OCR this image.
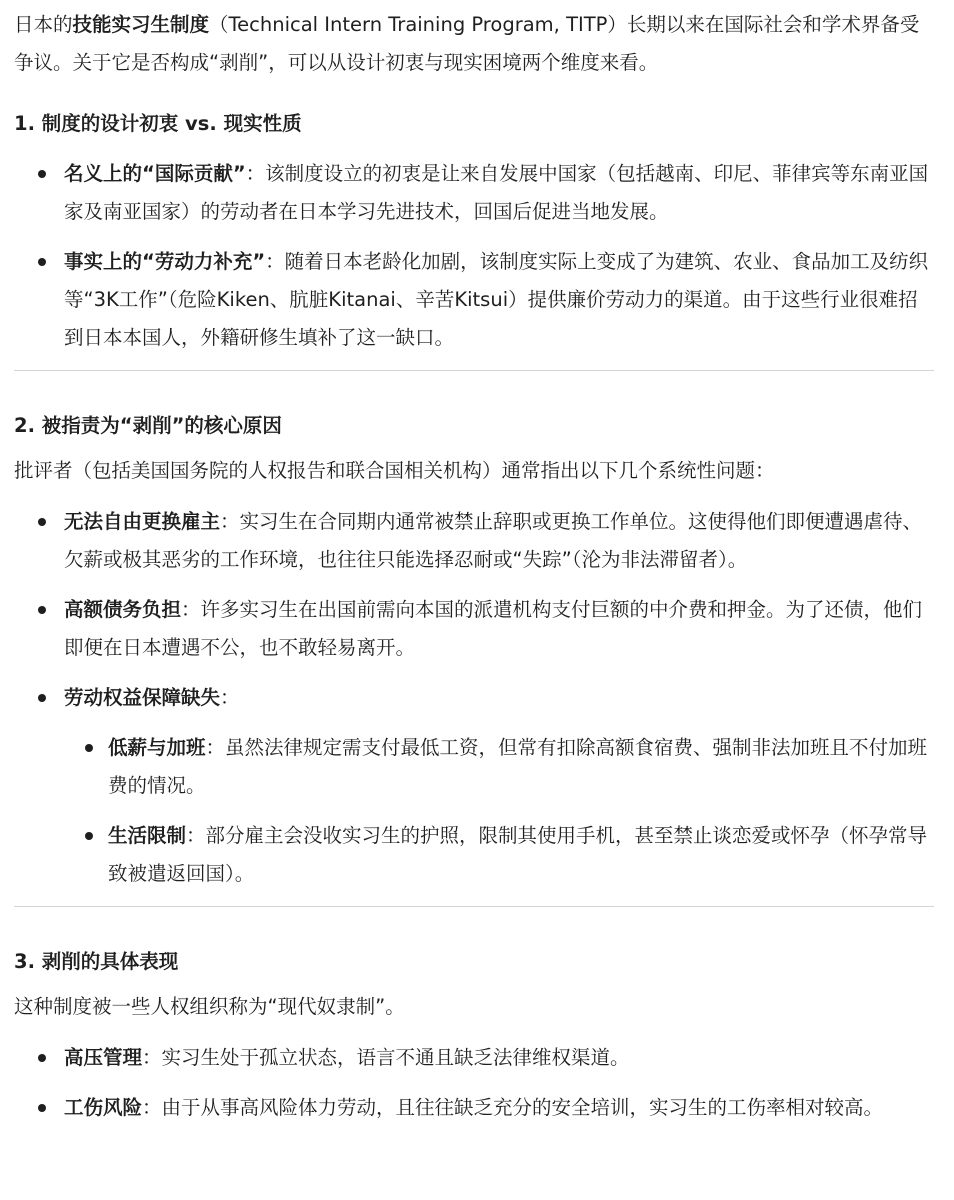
日本的技能实习生制度（Technical Intern Training Program, TITP）长期以来在国际社会和学术界备受争议。关于它是否构成“剥削”，可以从设计初衷与现实困境两个维度来看。

1. 制度的设计初衷 vs. 现实性质
名义上的“国际贡献”：该制度设立的初衷是让来自发展中国家（包括越南、印尼、菲律宾等东南亚国家及南亚国家）的劳动者在日本学习先进技术，回国后促进当地发展。
事实上的“劳动力补充”：随着日本老龄化加剧，该制度实际上变成了为建筑、农业、食品加工及纺织等“3K工作”（危险Kiken、肮脏Kitanai、辛苦Kitsui）提供廉价劳动力的渠道。由于这些行业很难招到日本本国人，外籍研修生填补了这一缺口。
2. 被指责为“剥削”的核心原因

批评者（包括美国国务院的人权报告和联合国相关机构）通常指出以下几个系统性问题：

无法自由更换雇主：实习生在合同期内通常被禁止辞职或更换工作单位。这使得他们即便遭遇虐待、欠薪或极其恶劣的工作环境，也往往只能选择忍耐或“失踪”（沦为非法滞留者）。
高额债务负担：许多实习生在出国前需向本国的派遣机构支付巨额的中介费和押金。为了还债，他们即便在日本遭遇不公，也不敢轻易离开。
劳动权益保障缺失：
低薪与加班：虽然法律规定需支付最低工资，但常有扣除高额食宿费、强制非法加班且不付加班费的情况。
生活限制：部分雇主会没收实习生的护照，限制其使用手机，甚至禁止谈恋爱或怀孕（怀孕常导致被遣返回国）。
3. 剥削的具体表现

这种制度被一些人权组织称为“现代奴隶制”。

高压管理：实习生处于孤立状态，语言不通且缺乏法律维权渠道。
工伤风险：由于从事高风险体力劳动，且往往缺乏充分的安全培训，实习生的工伤率相对较高。
